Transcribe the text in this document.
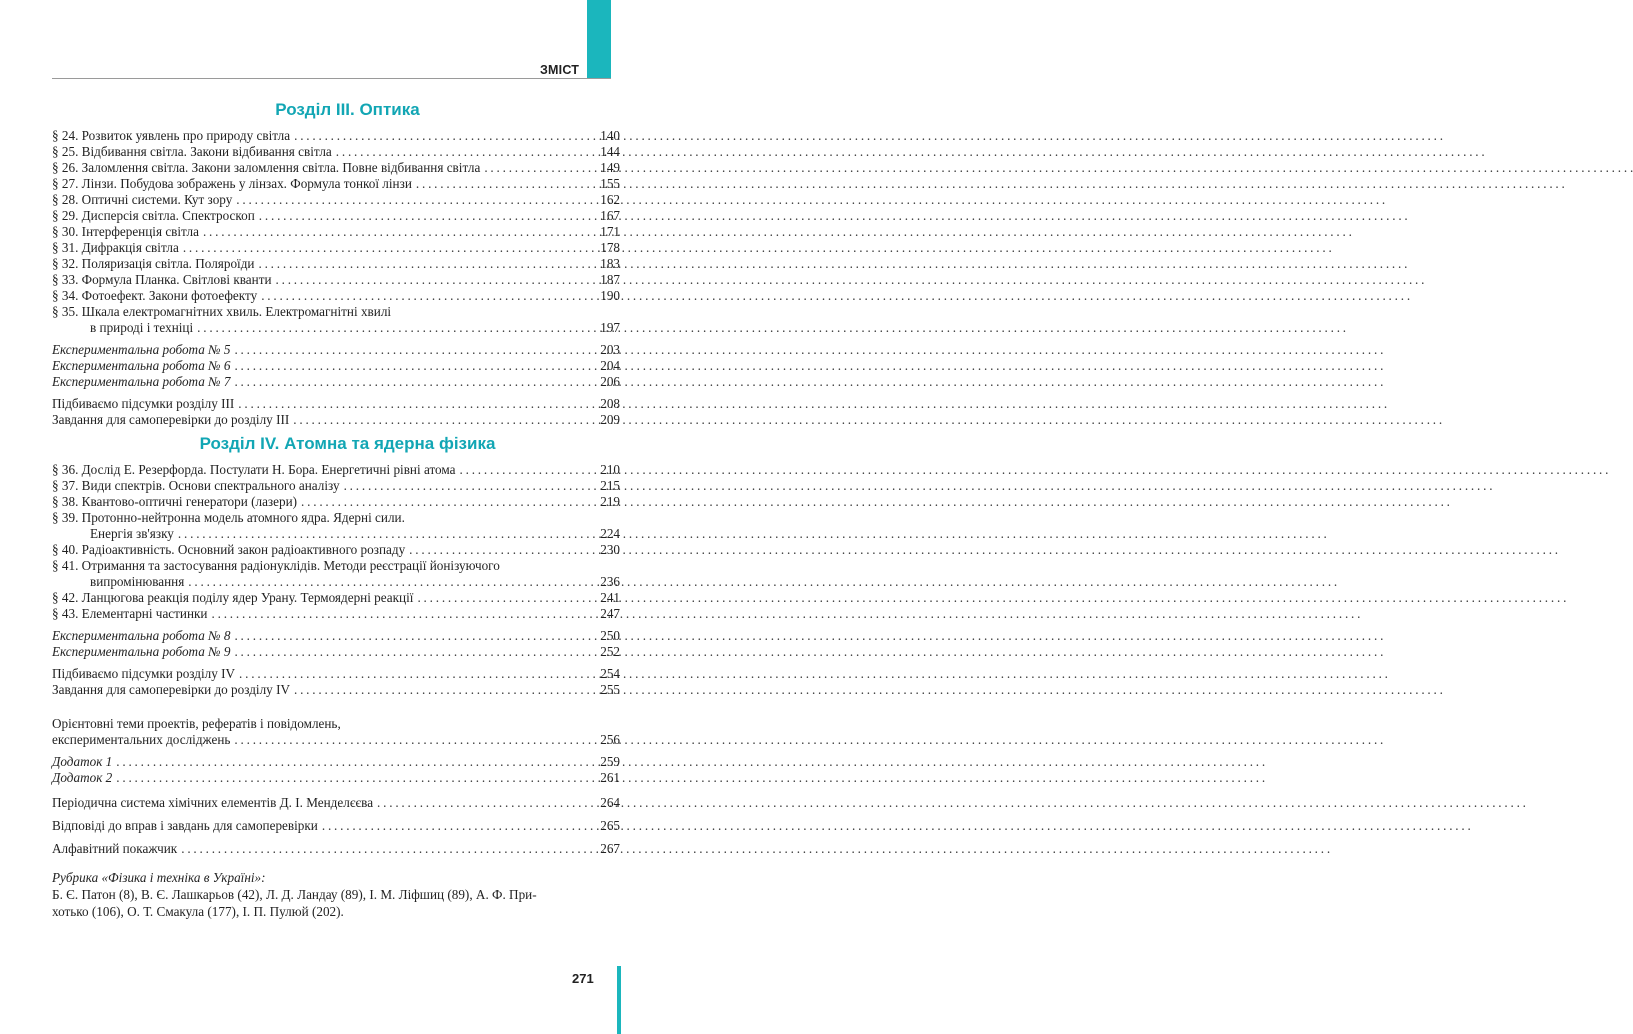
ЗМІСТ
Розділ ІІІ. Оптика
§ 24. Розвиток уявлень про природу світла . . .	140
§ 25. Відбивання світла. Закони відбивання світла . . .	144
§ 26. Заломлення світла. Закони заломлення світла. Повне відбивання світла . . .	149
§ 27. Лінзи. Побудова зображень у лінзах. Формула тонкої лінзи . . .	155
§ 28. Оптичні системи. Кут зору . . .	162
§ 29. Дисперсія світла. Спектроскоп . . .	167
§ 30. Інтерференція світла . . .	171
§ 31. Дифракція світла . . .	178
§ 32. Поляризація світла. Поляроїди . . .	183
§ 33. Формула Планка. Світлові кванти . . .	187
§ 34. Фотоефект. Закони фотоефекту . . .	190
§ 35. Шкала електромагнітних хвиль. Електромагнітні хвилі
в природі і техніці . . .	197
Експериментальна робота № 5 . . .	203
Експериментальна робота № 6 . . .	204
Експериментальна робота № 7 . . .	206
Підбиваємо підсумки розділу ІІІ . . .	208
Завдання для самоперевірки до розділу ІІІ . . .	209
Розділ IV. Атомна та ядерна фізика
§ 36. Дослід Е. Резерфорда. Постулати Н. Бора. Енергетичні рівні атома . . .	210
§ 37. Види спектрів. Основи спектрального аналізу . . .	215
§ 38. Квантово-оптичні генератори (лазери) . . .	219
§ 39. Протонно-нейтронна модель атомного ядра. Ядерні сили.
Енергія зв'язку . . .	224
§ 40. Радіоактивність. Основний закон радіоактивного розпаду . . .	230
§ 41. Отримання та застосування радіонуклідів. Методи реєстрації йонізуючого
випромінювання . . .	236
§ 42. Ланцюгова реакція поділу ядер Урану. Термоядерні реакції . . .	241
§ 43. Елементарні частинки . . .	247
Експериментальна робота № 8 . . .	250
Експериментальна робота № 9 . . .	252
Підбиваємо підсумки розділу IV . . .	254
Завдання для самоперевірки до розділу IV . . .	255
Орієнтовні теми проектів, рефератів і повідомлень,
експериментальних досліджень . . .	256
Додаток 1 . . .	259
Додаток 2 . . .	261
Періодична система хімічних елементів Д. І. Менделєєва . . .	264
Відповіді до вправ і завдань для самоперевірки . . .	265
Алфавітний покажчик . . .	267
Рубрика «Фізика і техніка в Україні»:
Б. Є. Патон (8), В. Є. Лашкарьов (42), Л. Д. Ландау (89), І. М. Ліфшиц (89), А. Ф. При-
хотько (106), О. Т. Смакула (177), І. П. Пулюй (202).
271
